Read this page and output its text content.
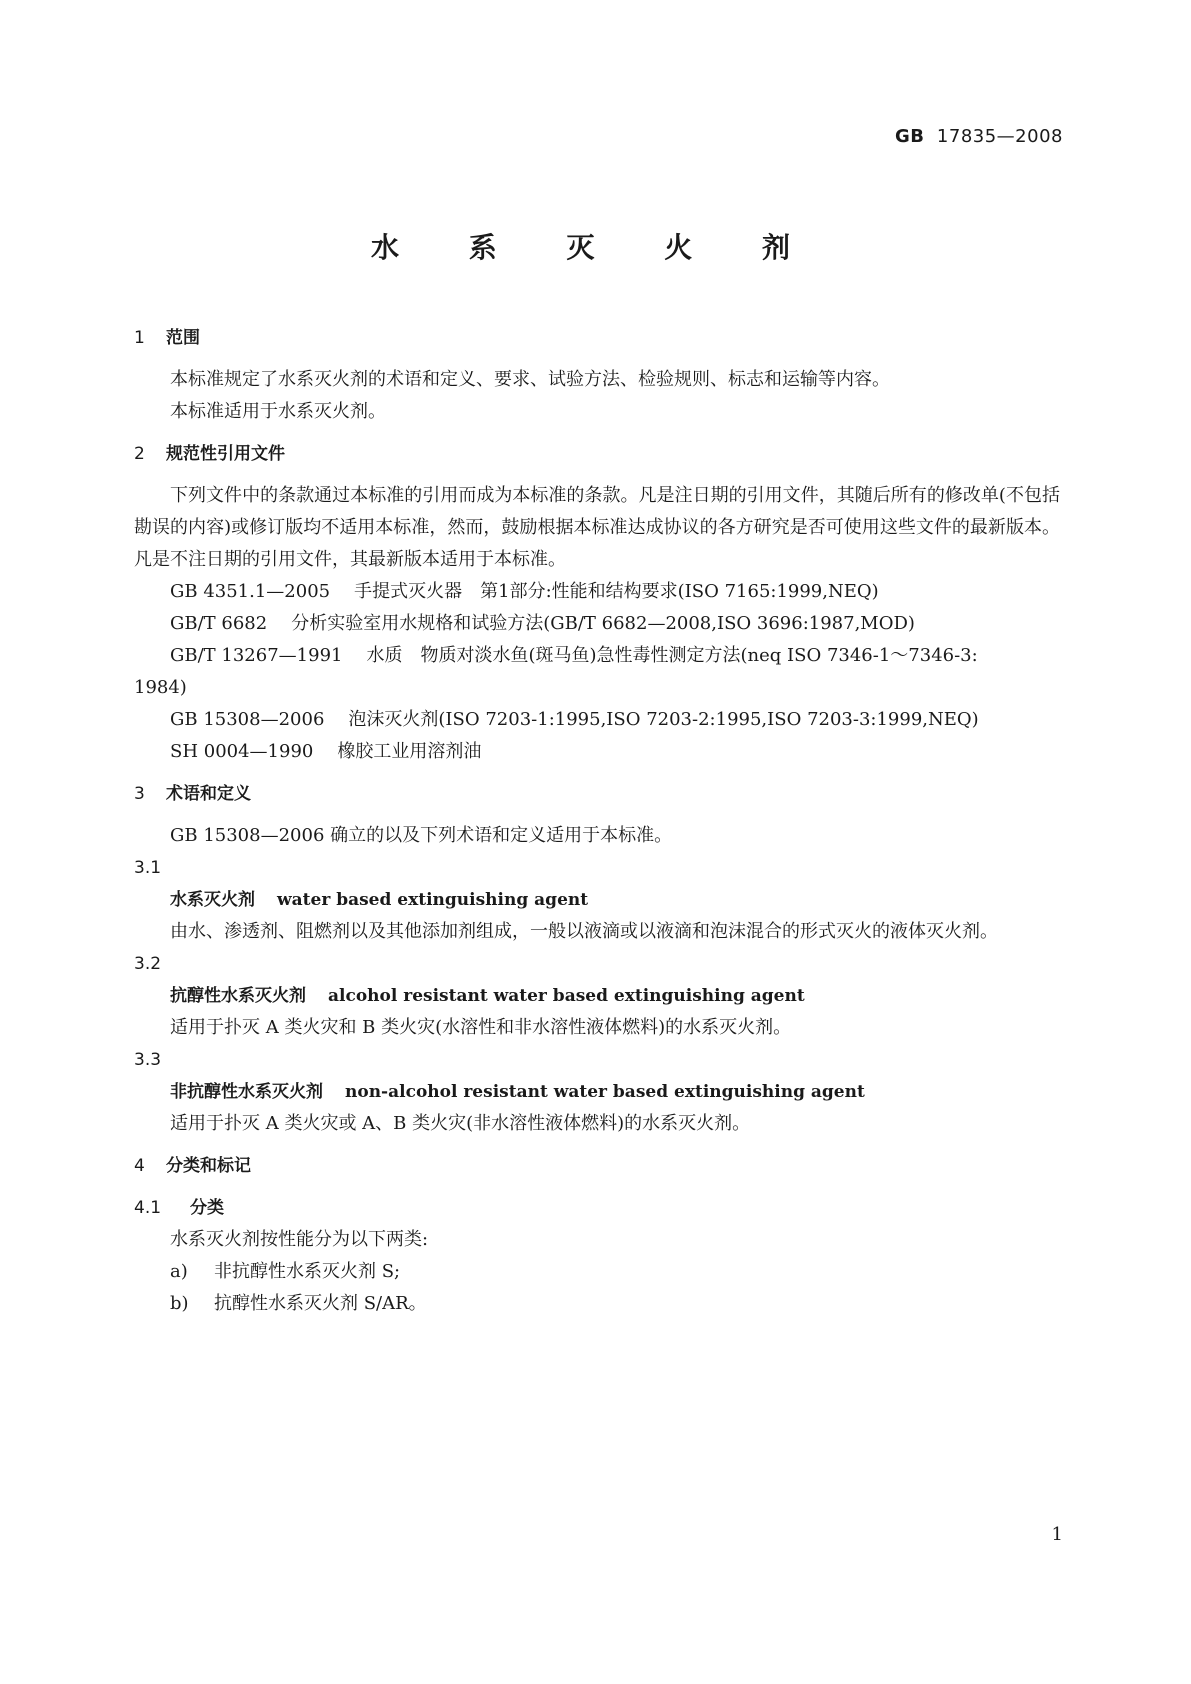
GB 17835—2008
水 系 灭 火 剂

1 范围

本标准规定了水系灭火剂的术语和定义、要求、试验方法、检验规则、标志和运输等内容。

本标准适用于水系灭火剂。

2 规范性引用文件

下列文件中的条款通过本标准的引用而成为本标准的条款。凡是注日期的引用文件，其随后所有的修改单(不包括勘误的内容)或修订版均不适用本标准，然而，鼓励根据本标准达成协议的各方研究是否可使用这些文件的最新版本。凡是不注日期的引用文件，其最新版本适用于本标准。

GB 4351.1—2005 手提式灭火器　第1部分:性能和结构要求(ISO 7165:1999,NEQ)

GB/T 6682 分析实验室用水规格和试验方法(GB/T 6682—2008,ISO 3696:1987,MOD)

GB/T 13267—1991 水质　物质对淡水鱼(斑马鱼)急性毒性测定方法(neq ISO 7346-1～7346-3:

1984)

GB 15308—2006 泡沫灭火剂(ISO 7203-1:1995,ISO 7203-2:1995,ISO 7203-3:1999,NEQ)

SH 0004—1990 橡胶工业用溶剂油

3 术语和定义

GB 15308—2006 确立的以及下列术语和定义适用于本标准。

3.1

水系灭火剂 water based extinguishing agent

由水、渗透剂、阻燃剂以及其他添加剂组成，一般以液滴或以液滴和泡沫混合的形式灭火的液体灭火剂。

3.2

抗醇性水系灭火剂 alcohol resistant water based extinguishing agent

适用于扑灭 A 类火灾和 B 类火灾(水溶性和非水溶性液体燃料)的水系灭火剂。

3.3

非抗醇性水系灭火剂 non-alcohol resistant water based extinguishing agent

适用于扑灭 A 类火灾或 A、B 类火灾(非水溶性液体燃料)的水系灭火剂。

4 分类和标记

4.1 分类

水系灭火剂按性能分为以下两类:

a) 非抗醇性水系灭火剂 S;

b) 抗醇性水系灭火剂 S/AR。

1
